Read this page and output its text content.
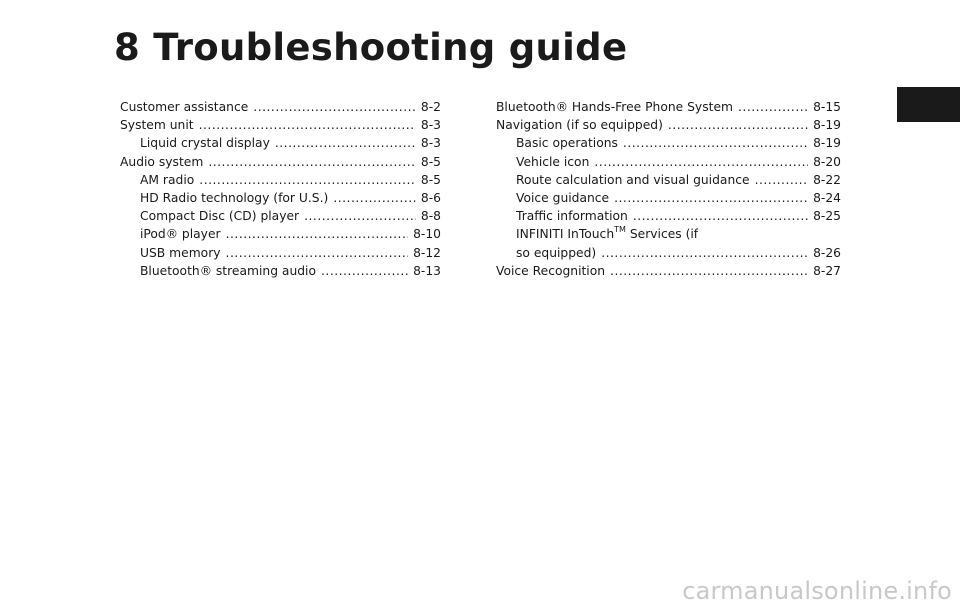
8 Troubleshooting guide
Customer assistance .....	8-2
System unit .....	8-3
Liquid crystal display .....	8-3
Audio system .....	8-5
AM radio .....	8-5
HD Radio technology (for U.S.) .....	8-6
Compact Disc (CD) player .....	8-8
iPod® player .....	8-10
USB memory .....	8-12
Bluetooth® streaming audio .....	8-13
Bluetooth® Hands-Free Phone System .....	8-15
Navigation (if so equipped) .....	8-19
Basic operations .....	8-19
Vehicle icon .....	8-20
Route calculation and visual guidance .....	8-22
Voice guidance .....	8-24
Traffic information .....	8-25
INFINITI InTouch™ Services (if
so equipped) .....	8-26
Voice Recognition .....	8-27
carmanualsonline.info
